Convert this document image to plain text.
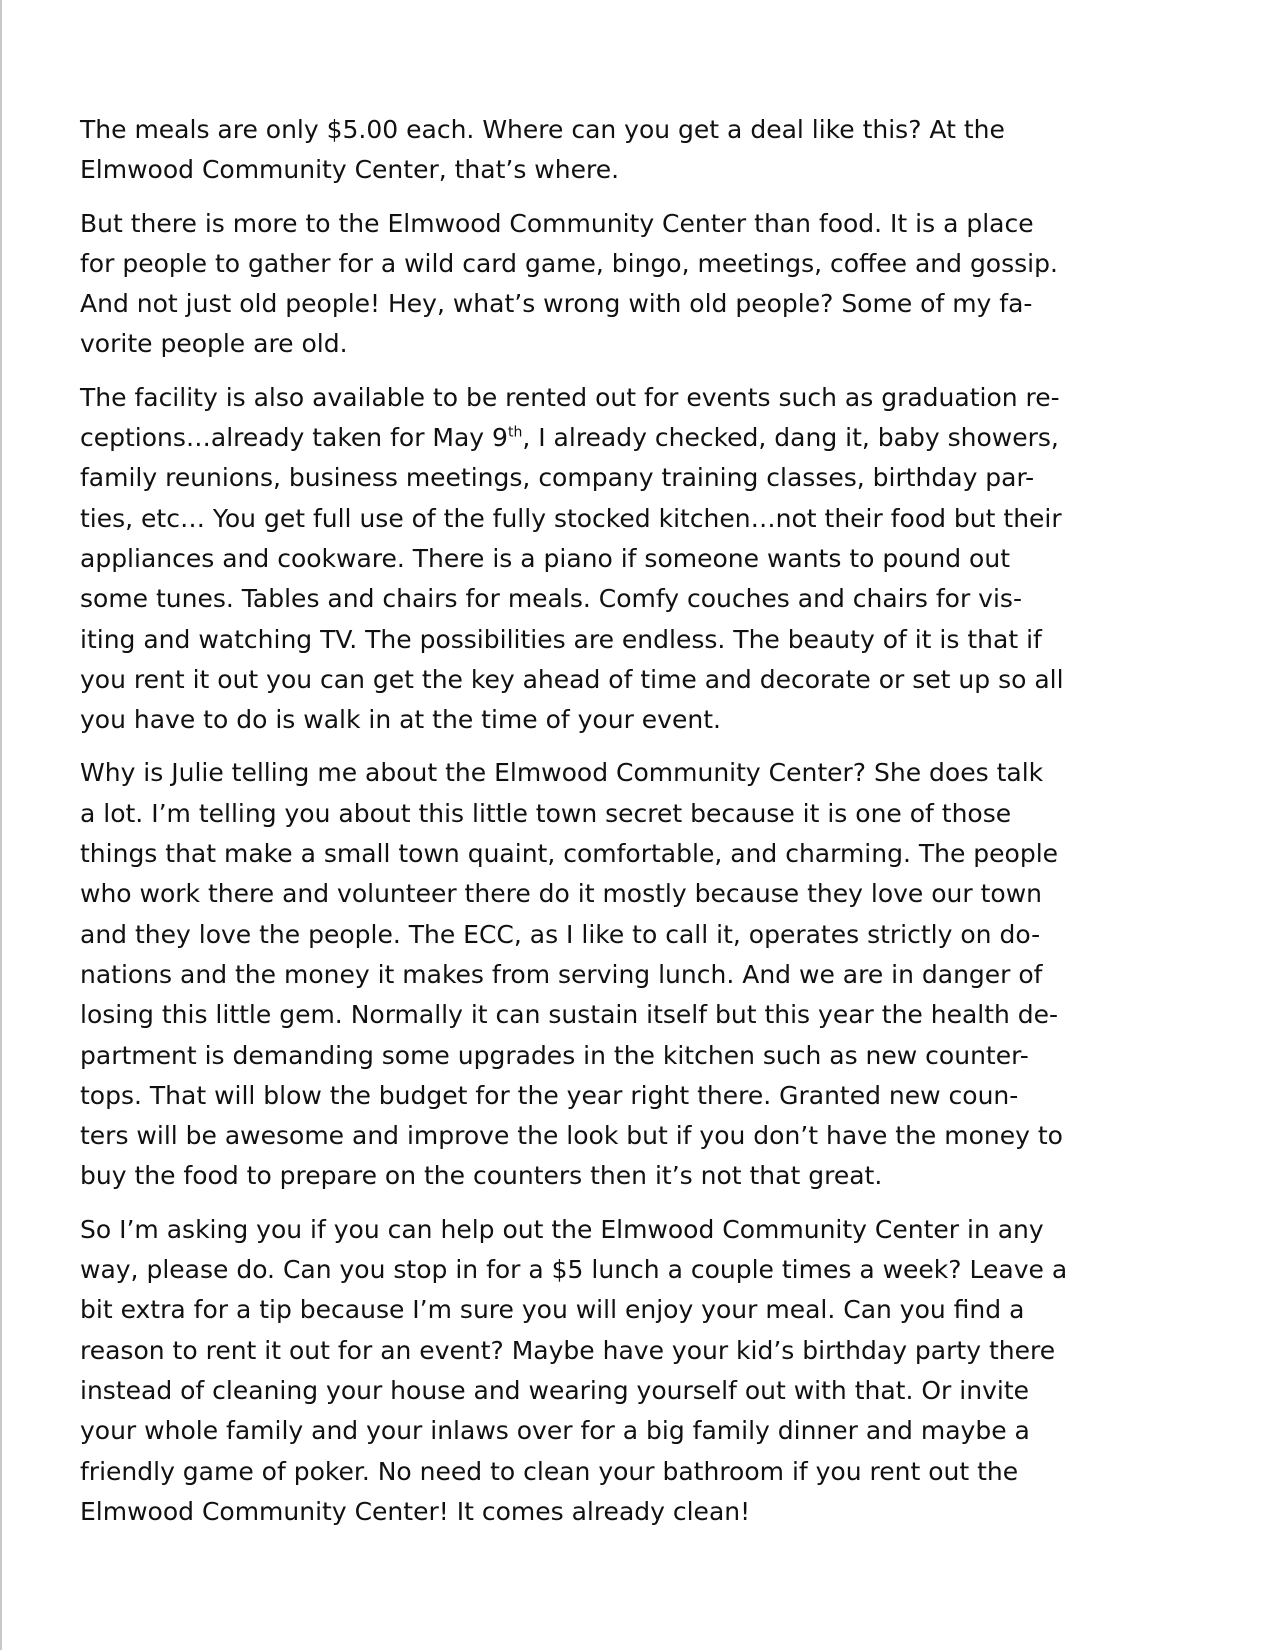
The meals are only $5.00 each. Where can you get a deal like this? At the
Elmwood Community Center, that’s where.
But there is more to the Elmwood Community Center than food. It is a place
for people to gather for a wild card game, bingo, meetings, coffee and gossip.
And not just old people! Hey, what’s wrong with old people? Some of my fa-
vorite people are old.
The facility is also available to be rented out for events such as graduation re-
ceptions…already taken for May 9th, I already checked, dang it, baby showers,
family reunions, business meetings, company training classes, birthday par-
ties, etc… You get full use of the fully stocked kitchen…not their food but their
appliances and cookware. There is a piano if someone wants to pound out
some tunes. Tables and chairs for meals. Comfy couches and chairs for vis-
iting and watching TV. The possibilities are endless. The beauty of it is that if
you rent it out you can get the key ahead of time and decorate or set up so all
you have to do is walk in at the time of your event.
Why is Julie telling me about the Elmwood Community Center? She does talk
a lot. I’m telling you about this little town secret because it is one of those
things that make a small town quaint, comfortable, and charming. The people
who work there and volunteer there do it mostly because they love our town
and they love the people. The ECC, as I like to call it, operates strictly on do-
nations and the money it makes from serving lunch. And we are in danger of
losing this little gem. Normally it can sustain itself but this year the health de-
partment is demanding some upgrades in the kitchen such as new counter-
tops. That will blow the budget for the year right there. Granted new coun-
ters will be awesome and improve the look but if you don’t have the money to
buy the food to prepare on the counters then it’s not that great.
So I’m asking you if you can help out the Elmwood Community Center in any
way, please do. Can you stop in for a $5 lunch a couple times a week? Leave a
bit extra for a tip because I’m sure you will enjoy your meal. Can you find a
reason to rent it out for an event? Maybe have your kid’s birthday party there
instead of cleaning your house and wearing yourself out with that. Or invite
your whole family and your inlaws over for a big family dinner and maybe a
friendly game of poker. No need to clean your bathroom if you rent out the
Elmwood Community Center! It comes already clean!
